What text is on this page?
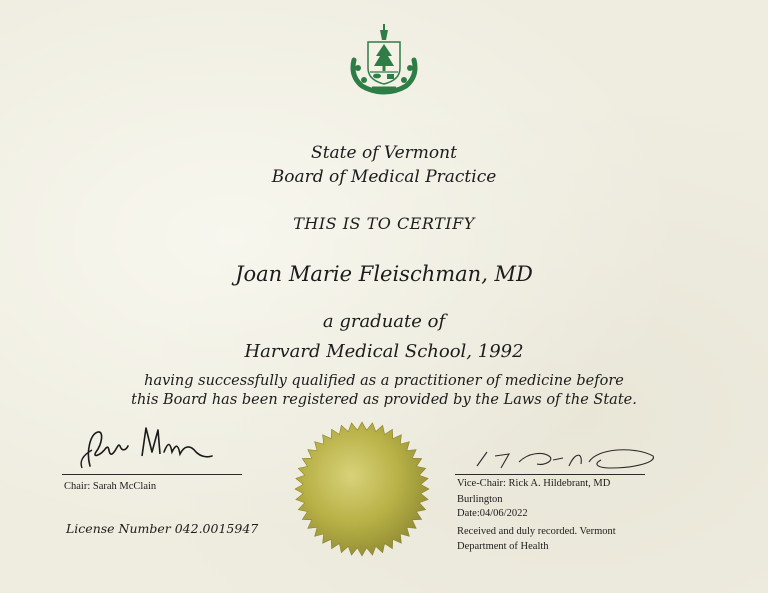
State of Vermont
Board of Medical Practice
THIS IS TO CERTIFY
Joan Marie Fleischman, MD
a graduate of
Harvard Medical School, 1992
having successfully qualified as a practitioner of medicine before
this Board has been registered as provided by the Laws of the State.
Chair: Sarah McClain
License Number 042.0015947
Vice-Chair: Rick A. Hildebrant, MD
Burlington
Date:04/06/2022
Received and duly recorded. Vermont
Department of Health
